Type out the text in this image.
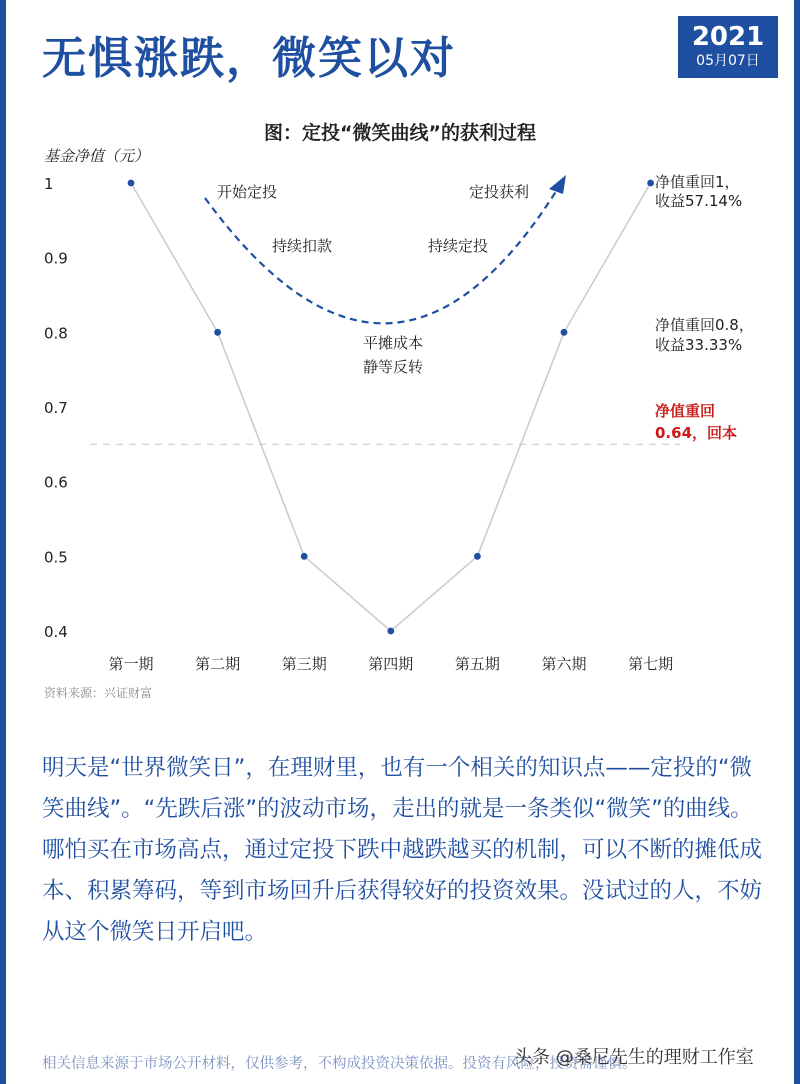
无惧涨跌，微笑以对	2021
05月07日
图：定投“微笑曲线”的获利过程
基金净值（元）
1
0.9
0.8
0.7
0.6
0.5
0.4
第一期	第二期	第三期	第四期	第五期	第六期	第七期
开始定投
持续扣款
平摊成本
静等反转
持续定投
定投获利
净值重回1，
收益57.14%
净值重回0.8，
收益33.33%
净值重回
0.64，回本
资料来源：兴证财富
明天是“世界微笑日”，在理财里，也有一个相关的知识点——定投的“微笑曲线”。“先跌后涨”的波动市场，走出的就是一条类似“微笑”的曲线。哪怕买在市场高点，通过定投下跌中越跌越买的机制，可以不断的摊低成本、积累筹码，等到市场回升后获得较好的投资效果。没试过的人，不妨从这个微笑日开启吧。
相关信息来源于市场公开材料，仅供参考，不构成投资决策依据。投资有风险，投资需谨慎。
头条 @桑尼先生的理财工作室
